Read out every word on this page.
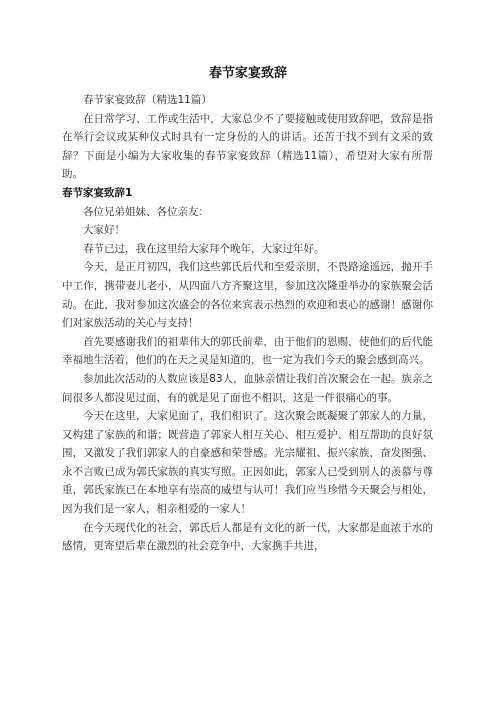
春节家宴致辞

春节家宴致辞（精选11篇）

在日常学习、工作或生活中，大家总少不了要接触或使用致辞吧，致辞是指在举行会议或某种仪式时具有一定身份的人的讲话。还苦于找不到有文采的致辞？下面是小编为大家收集的春节家宴致辞（精选11篇），希望对大家有所帮助。

春节家宴致辞1

各位兄弟姐妹、各位亲友：

大家好！

春节已过，我在这里给大家拜个晚年，大家过年好。

今天，是正月初四，我们这些郭氏后代和至爱亲朋，不畏路途遥远，抛开手中工作，携带妻儿老小，从四面八方齐聚这里，参加这次隆重举办的家族聚会活动。在此，我对参加这次盛会的各位来宾表示热烈的欢迎和衷心的感谢！感谢你们对家族活动的关心与支持！

首先要感谢我们的祖辈伟大的郭氏前辈，由于他们的恩赐，使他们的后代能幸福地生活着，他们的在天之灵是知道的，也一定为我们今天的聚会感到高兴。

参加此次活动的人数应该是83人，血脉亲情让我们首次聚会在一起。族亲之间很多人都没见过面，有的就是见了面也不相识，这是一件很痛心的事。

今天在这里，大家见面了，我们相识了。这次聚会既凝聚了郭家人的力量，又构建了家族的和谐；既营造了郭家人相互关心、相互爱护、相互帮助的良好氛围，又激发了我们郭家人的自豪感和荣誉感。光宗耀祖、振兴家族，奋发图强、永不言败已成为郭氏家族的真实写照。正因如此，郭家人已受到别人的羡慕与尊重，郭氏家族已在本地享有崇高的威望与认可！我们应当珍惜今天聚会与相处，因为我们是一家人，相亲相爱的一家人！

在今天现代化的社会，郭氏后人都是有文化的新一代，大家都是血浓于水的感情，更寄望后辈在激烈的社会竞争中，大家携手共进，
